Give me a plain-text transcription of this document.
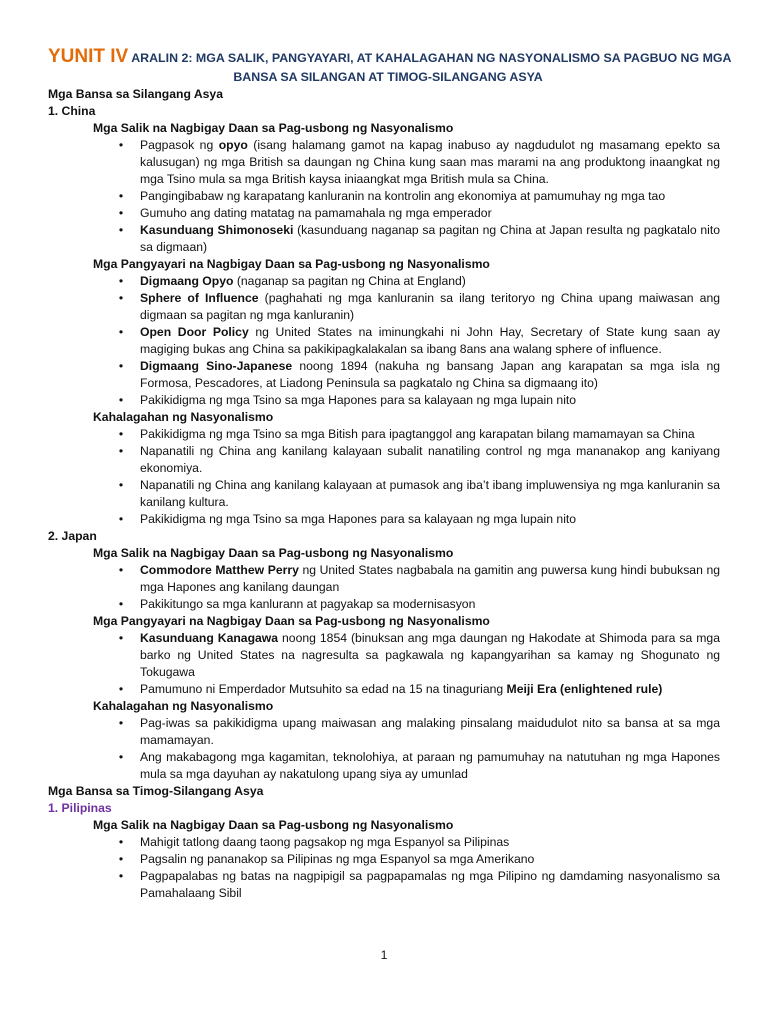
YUNIT IV ARALIN 2: MGA SALIK, PANGYAYARI, AT KAHALAGAHAN NG NASYONALISMO SA PAGBUO NG MGA
BANSA SA SILANGAN AT TIMOG-SILANGANG ASYA
Mga Bansa sa Silangang Asya
1. China
Mga Salik na Nagbigay Daan sa Pag-usbong ng Nasyonalismo
• Pagpasok ng opyo (isang halamang gamot na kapag inabuso ay nagdudulot ng masamang epekto sa kalusugan) ng mga British sa daungan ng China kung saan mas marami na ang produktong inaangkat ng mga Tsino mula sa mga British kaysa iniaangkat mga British mula sa China.
• Pangingibabaw ng karapatang kanluranin na kontrolin ang ekonomiya at pamumuhay ng mga tao
• Gumuho ang dating matatag na pamamahala ng mga emperador
• Kasunduang Shimonoseki (kasunduang naganap sa pagitan ng China at Japan resulta ng pagkatalo nito sa digmaan)
Mga Pangyayari na Nagbigay Daan sa Pag-usbong ng Nasyonalismo
• Digmaang Opyo (naganap sa pagitan ng China at England)
• Sphere of Influence (paghahati ng mga kanluranin sa ilang teritoryo ng China upang maiwasan ang digmaan sa pagitan ng mga kanluranin)
• Open Door Policy ng United States na iminungkahi ni John Hay, Secretary of State kung saan ay magiging bukas ang China sa pakikipagkalakalan sa ibang 8ans ana walang sphere of influence.
• Digmaang Sino-Japanese noong 1894 (nakuha ng bansang Japan ang karapatan sa mga isla ng Formosa, Pescadores, at Liadong Peninsula sa pagkatalo ng China sa digmaang ito)
• Pakikidigma ng mga Tsino sa mga Hapones para sa kalayaan ng mga lupain nito
Kahalagahan ng Nasyonalismo
• Pakikidigma ng mga Tsino sa mga Bitish para ipagtanggol ang karapatan bilang mamamayan sa China
• Napanatili ng China ang kanilang kalayaan subalit nanatiling control ng mga mananakop ang kaniyang ekonomiya.
• Napanatili ng China ang kanilang kalayaan at pumasok ang iba’t ibang impluwensiya ng mga kanluranin sa kanilang kultura.
• Pakikidigma ng mga Tsino sa mga Hapones para sa kalayaan ng mga lupain nito
2. Japan
Mga Salik na Nagbigay Daan sa Pag-usbong ng Nasyonalismo
• Commodore Matthew Perry ng United States nagbabala na gamitin ang puwersa kung hindi bubuksan ng mga Hapones ang kanilang daungan
• Pakikitungo sa mga kanlurann at pagyakap sa modernisasyon
Mga Pangyayari na Nagbigay Daan sa Pag-usbong ng Nasyonalismo
• Kasunduang Kanagawa noong 1854 (binuksan ang mga daungan ng Hakodate at Shimoda para sa mga barko ng United States na nagresulta sa pagkawala ng kapangyarihan sa kamay ng Shogunato ng Tokugawa
• Pamumuno ni Emperdador Mutsuhito sa edad na 15 na tinaguriang Meiji Era (enlightened rule)
Kahalagahan ng Nasyonalismo
• Pag-iwas sa pakikidigma upang maiwasan ang malaking pinsalang maidudulot nito sa bansa at sa mga mamamayan.
• Ang makabagong mga kagamitan, teknolohiya, at paraan ng pamumuhay na natutuhan ng mga Hapones mula sa mga dayuhan ay nakatulong upang siya ay umunlad
Mga Bansa sa Timog-Silangang Asya
1. Pilipinas
Mga Salik na Nagbigay Daan sa Pag-usbong ng Nasyonalismo
• Mahigit tatlong daang taong pagsakop ng mga Espanyol sa Pilipinas
• Pagsalin ng pananakop sa Pilipinas ng mga Espanyol sa mga Amerikano
• Pagpapalabas ng batas na nagpipigil sa pagpapamalas ng mga Pilipino ng damdaming nasyonalismo sa Pamahalaang Sibil
1
